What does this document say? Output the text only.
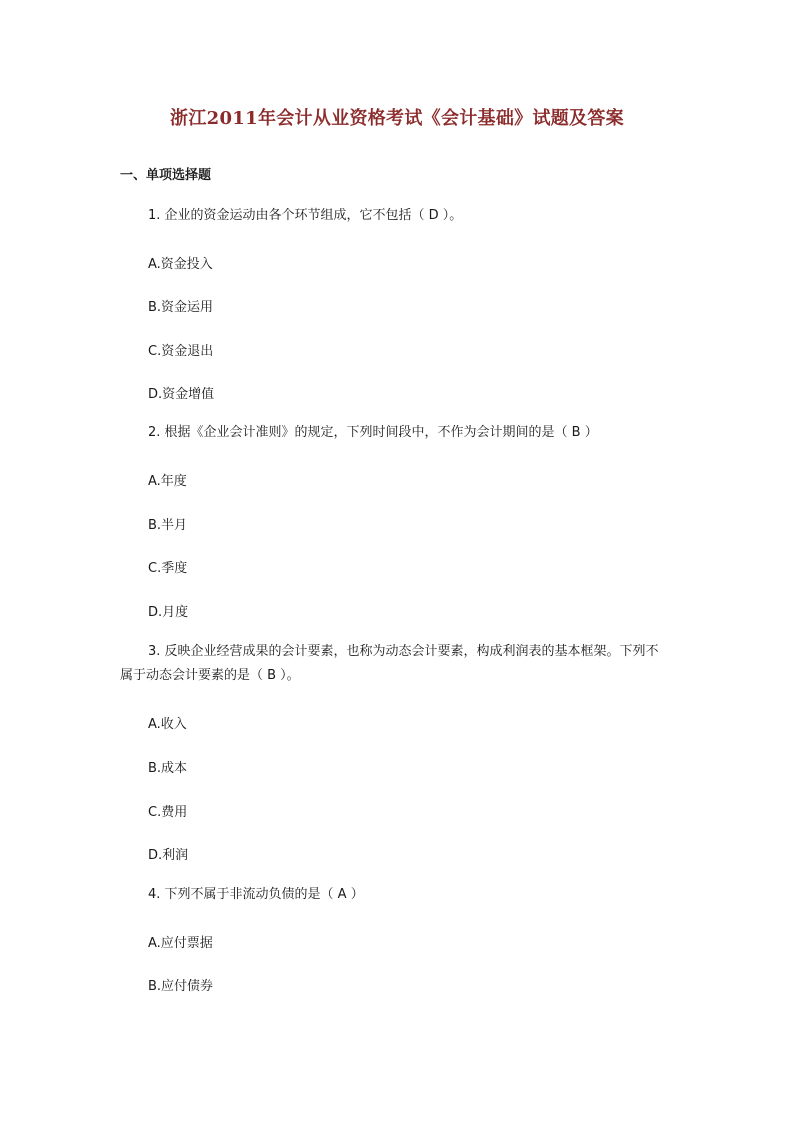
浙江2011年会计从业资格考试《会计基础》试题及答案
一、单项选择题
1. 企业的资金运动由各个环节组成，它不包括（ D ）。
A.资金投入
B.资金运用
C.资金退出
D.资金增值
2. 根据《企业会计准则》的规定，下列时间段中，不作为会计期间的是（ B ）
A.年度
B.半月
C.季度
D.月度
3. 反映企业经营成果的会计要素，也称为动态会计要素，构成利润表的基本框架。下列不属于动态会计要素的是（ B ）。
A.收入
B.成本
C.费用
D.利润
4. 下列不属于非流动负债的是（ A ）
A.应付票据
B.应付债券
